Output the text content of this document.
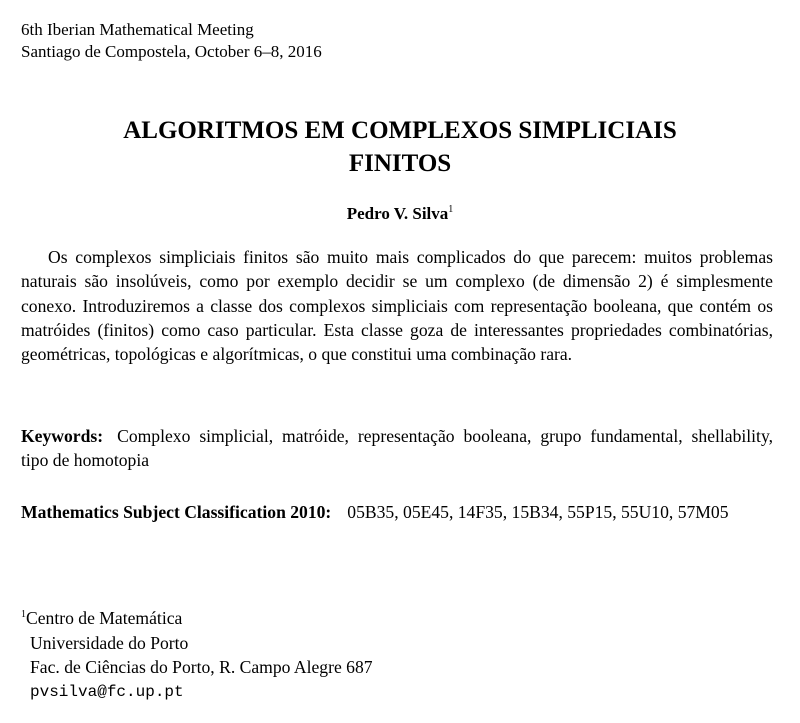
6th Iberian Mathematical Meeting
Santiago de Compostela, October 6–8, 2016
ALGORITMOS EM COMPLEXOS SIMPLICIAIS
FINITOS
Pedro V. Silva$^1$

Os complexos simpliciais finitos são muito mais complicados do que parecem: muitos problemas naturais são insolúveis, como por exemplo decidir se um complexo (de dimensão 2) é simplesmente conexo. Introduziremos a classe dos complexos simpliciais com representação booleana, que contém os matróides (finitos) como caso particular. Esta classe goza de interessantes propriedades combinatórias, geométricas, topológicas e algorítmicas, o que constitui uma combinação rara.

Keywords: Complexo simplicial, matróide, representação booleana, grupo fundamental, shellability, tipo de homotopia

Mathematics Subject Classification 2010: 05B35, 05E45, 14F35, 15B34, 55P15, 55U10, 57M05

$^1$Centro de Matemática
Universidade do Porto
Fac. de Ciências do Porto, R. Campo Alegre 687
pvsilva@fc.up.pt
